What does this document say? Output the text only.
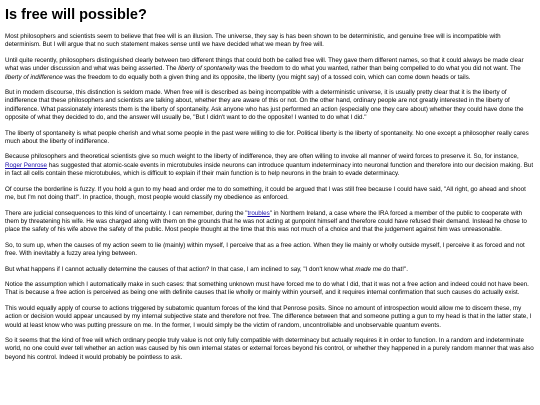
Is free will possible?

Most philosophers and scientists seem to believe that free will is an illusion. The universe, they say is has been shown to be deterministic, and genuine free will is incompatible with determinism. But I will argue that no such statement makes sense until we have decided what we mean by free will.

Until quite recently, philosophers distinguished clearly between two different things that could both be called free will. They gave them different names, so that it could always be made clear what was under discussion and what was being asserted. The liberty of spontaneity was the freedom to do what you wanted, rather than being compelled to do what you did not want. The liberty of indifference was the freedom to do equally both a given thing and its opposite, the liberty (you might say) of a tossed coin, which can come down heads or tails.

But in modern discourse, this distinction is seldom made. When free will is described as being incompatible with a deterministic universe, it is usually pretty clear that it is the liberty of indifference that these philosophers and scientists are talking about, whether they are aware of this or not. On the other hand, ordinary people are not greatly interested in the liberty of indifference. What passionately interests them is the liberty of spontaneity. Ask anyone who has just performed an action (especially one they care about) whether they could have done the opposite of what they decided to do, and the answer will usually be, "But I didn't want to do the opposite! I wanted to do what I did."

The liberty of spontaneity is what people cherish and what some people in the past were willing to die for. Political liberty is the liberty of spontaneity. No one except a philosopher really cares much about the liberty of indifference.

Because philosophers and theoretical scientists give so much weight to the liberty of indifference, they are often willing to invoke all manner of weird forces to preserve it. So, for instance, Roger Penrose has suggested that atomic-scale events in microtubules inside neurons can introduce quantum indeterminacy into neuronal function and therefore into our decision making. But in fact all cells contain these microtubules, which is difficult to explain if their main function is to help neurons in the brain to evade determinacy.

Of course the borderline is fuzzy. If you hold a gun to my head and order me to do something, it could be argued that I was still free because I could have said, "All right, go ahead and shoot me, but I'm not doing that!". In practice, though, most people would classify my obedience as enforced.

There are judicial consequences to this kind of uncertainty. I can remember, during the "troubles" in Northern Ireland, a case where the IRA forced a member of the public to cooperate with them by threatening his wife. He was charged along with them on the grounds that he was not acting at gunpoint himself and therefore could have refused their demand. Instead he chose to place the safety of his wife above the safety of the public. Most people thought at the time that this was not much of a choice and that the judgement against him was unreasonable.

So, to sum up, when the causes of my action seem to lie (mainly) within myself, I perceive that as a free action. When they lie mainly or wholly outside myself, I perceive it as forced and not free. With inevitably a fuzzy area lying between.

But what happens if I cannot actually determine the causes of that action? In that case, I am inclined to say, "I don't know what made me do that!".

Notice the assumption which I automatically make in such cases: that something unknown must have forced me to do what I did, that it was not a free action and indeed could not have been. That is because a free action is perceived as being one with definite causes that lie wholly or mainly within yourself, and it requires internal confirmation that such causes do actually exist.

This would equally apply of course to actions triggered by subatomic quantum forces of the kind that Penrose posits. Since no amount of introspection would allow me to discern these, my action or decision would appear uncaused by my internal subjective state and therefore not free. The difference between that and someone putting a gun to my head is that in the latter state, I would at least know who was putting pressure on me. In the former, I would simply be the victim of random, uncontrollable and unobservable quantum events.

So it seems that the kind of free will which ordinary people truly value is not only fully compatible with determinacy but actually requires it in order to function. In a random and indeterminate world, no one could ever tell whether an action was caused by his own internal states or external forces beyond his control, or whether they happened in a purely random manner that was also beyond his control. Indeed it would probably be pointless to ask.
